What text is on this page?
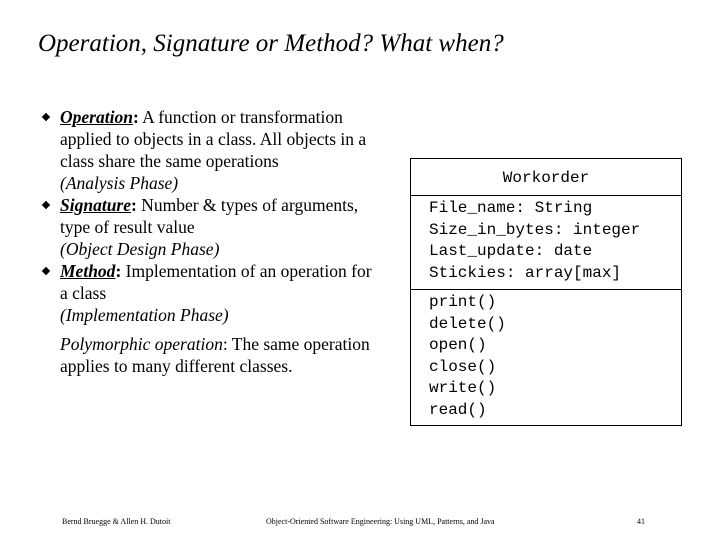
Operation, Signature or Method? What when?
Operation: A function or transformation applied to objects in a class. All objects in a class share the same operations
(Analysis Phase)
Signature: Number & types of arguments, type of result value
(Object Design Phase)
Method: Implementation of an operation for a class
(Implementation Phase)
Polymorphic operation: The same operation applies to many different classes.
Workorder
File_name: String
Size_in_bytes: integer
Last_update: date
Stickies: array[max]
print()
delete()
open()
close()
write()
read()
Bernd Bruegge & Allen H. Dutoit	Object-Oriented Software Engineering: Using UML, Patterns, and Java	41
